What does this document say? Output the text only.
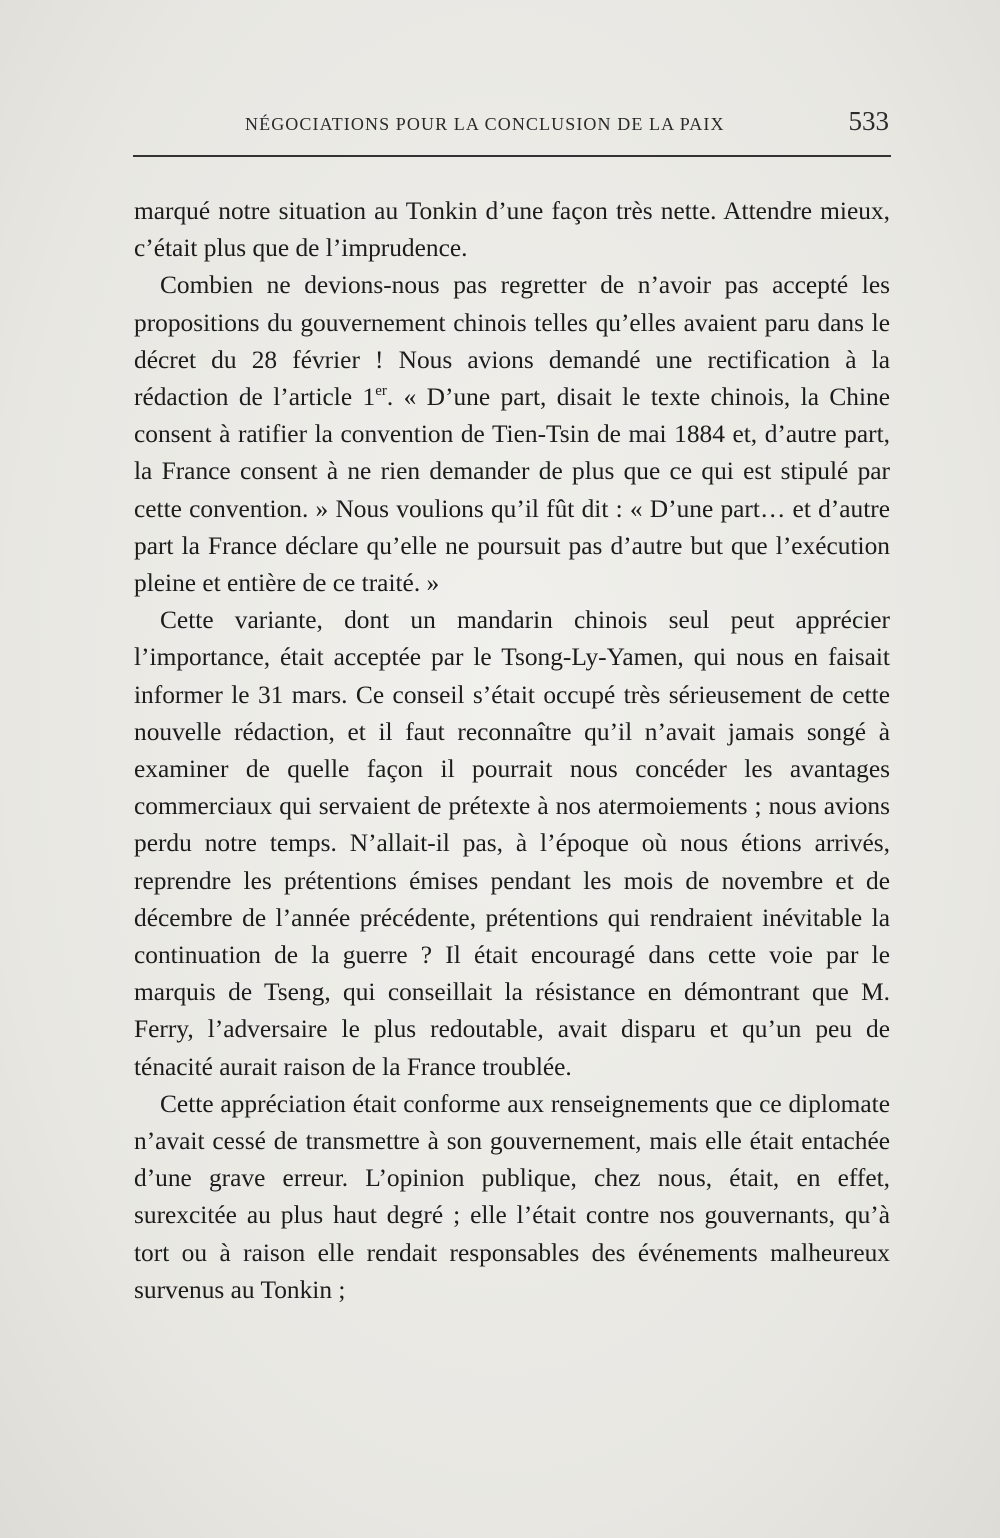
NÉGOCIATIONS POUR LA CONCLUSION DE LA PAIX	533

marqué notre situation au Tonkin d’une façon très nette. Attendre mieux, c’était plus que de l’imprudence.

Combien ne devions-nous pas regretter de n’avoir pas accepté les propositions du gouvernement chinois telles qu’elles avaient paru dans le décret du 28 février ! Nous avions demandé une rectification à la rédaction de l’article 1er. « D’une part, disait le texte chinois, la Chine consent à ratifier la convention de Tien-Tsin de mai 1884 et, d’autre part, la France consent à ne rien demander de plus que ce qui est stipulé par cette convention. » Nous voulions qu’il fût dit : « D’une part… et d’autre part la France déclare qu’elle ne poursuit pas d’autre but que l’exécution pleine et entière de ce traité. »

Cette variante, dont un mandarin chinois seul peut apprécier l’importance, était acceptée par le Tsong-Ly-Yamen, qui nous en faisait informer le 31 mars. Ce conseil s’était occupé très sérieusement de cette nouvelle rédaction, et il faut reconnaître qu’il n’avait jamais songé à examiner de quelle façon il pourrait nous concéder les avantages commerciaux qui servaient de prétexte à nos atermoiements ; nous avions perdu notre temps. N’allait-il pas, à l’époque où nous étions arrivés, reprendre les prétentions émises pendant les mois de novembre et de décembre de l’année précédente, prétentions qui rendraient inévitable la continuation de la guerre ? Il était encouragé dans cette voie par le marquis de Tseng, qui conseillait la résistance en démontrant que M. Ferry, l’adversaire le plus redoutable, avait disparu et qu’un peu de ténacité aurait raison de la France troublée.

Cette appréciation était conforme aux renseignements que ce diplomate n’avait cessé de transmettre à son gouvernement, mais elle était entachée d’une grave erreur. L’opinion publique, chez nous, était, en effet, surexcitée au plus haut degré ; elle l’était contre nos gouvernants, qu’à tort ou à raison elle rendait responsables des événements malheureux survenus au Tonkin ;
